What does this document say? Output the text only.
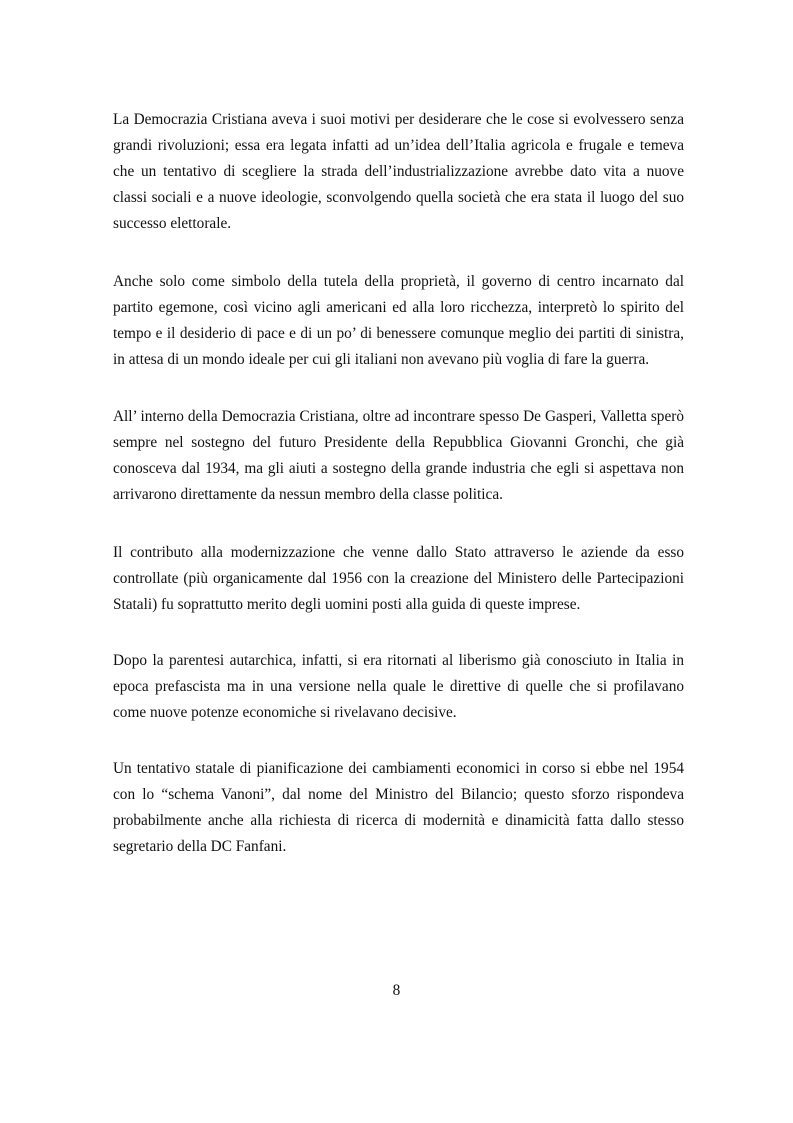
La Democrazia Cristiana aveva i suoi motivi per desiderare che le cose si evolvessero senza grandi rivoluzioni; essa era legata infatti ad un’idea dell’Italia agricola e frugale e temeva che un tentativo di scegliere la strada dell’industrializzazione avrebbe dato vita a nuove classi sociali e a nuove ideologie, sconvolgendo quella società che era stata il luogo del suo successo elettorale.

Anche solo come simbolo della tutela della proprietà, il governo di centro incarnato dal partito egemone, così vicino agli americani ed alla loro ricchezza, interpretò lo spirito del tempo e il desiderio di pace e di un po’ di benessere comunque meglio dei partiti di sinistra, in attesa di un mondo ideale per cui gli italiani non avevano più voglia di fare la guerra.

All’ interno della Democrazia Cristiana, oltre ad incontrare spesso De Gasperi, Valletta sperò sempre nel sostegno del futuro Presidente della Repubblica Giovanni Gronchi, che già conosceva dal 1934, ma gli aiuti a sostegno della grande industria che egli si aspettava non arrivarono direttamente da nessun membro della classe politica.

Il contributo alla modernizzazione che venne dallo Stato attraverso le aziende da esso controllate (più organicamente dal 1956 con la creazione del Ministero delle Partecipazioni Statali) fu soprattutto merito degli uomini posti alla guida di queste imprese.

Dopo la parentesi autarchica, infatti, si era ritornati al liberismo già conosciuto in Italia in epoca prefascista ma in una versione nella quale le direttive di quelle che si profilavano come nuove potenze economiche si rivelavano decisive.

Un tentativo statale di pianificazione dei cambiamenti economici in corso si ebbe nel 1954 con lo “schema Vanoni”, dal nome del Ministro del Bilancio; questo sforzo rispondeva probabilmente anche alla richiesta di ricerca di modernità e dinamicità fatta dallo stesso segretario della DC Fanfani.

8
